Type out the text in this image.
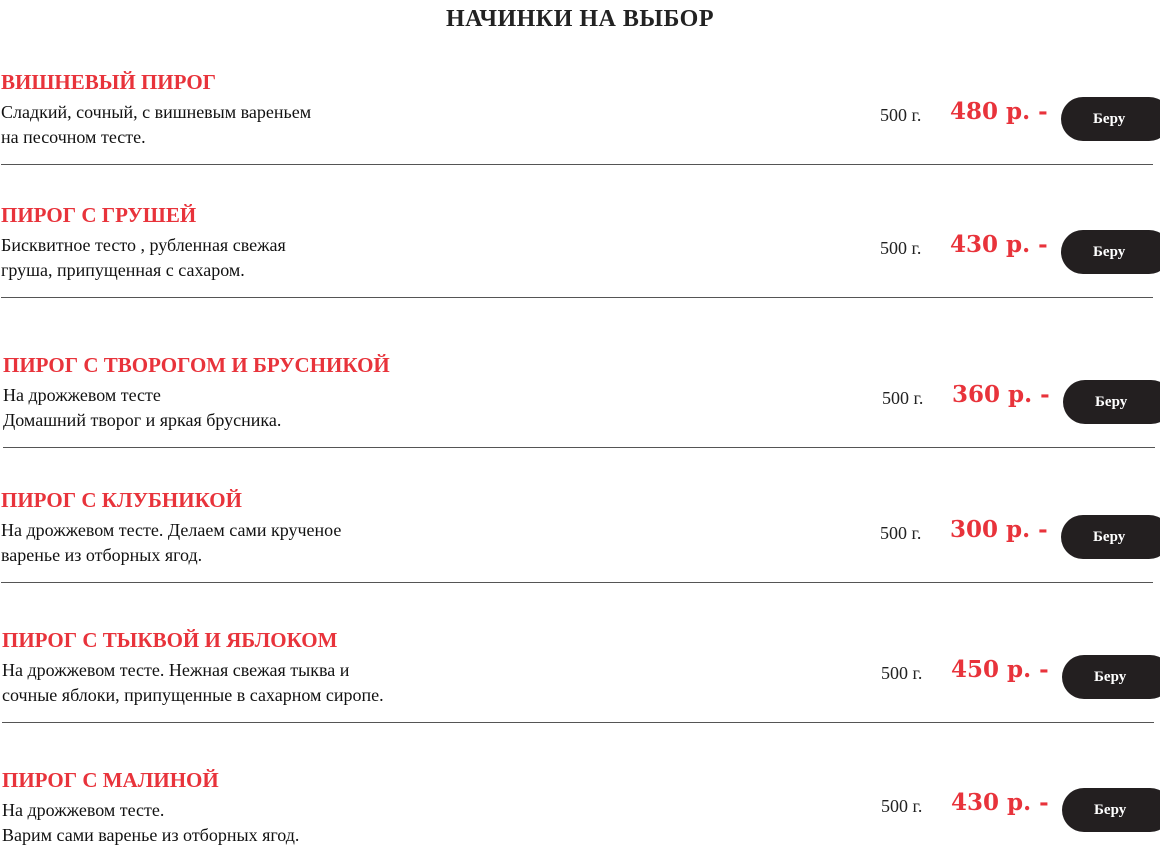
НАЧИНКИ НА ВЫБОР
ВИШНЕВЫЙ ПИРОГ
Сладкий, сочный, с вишневым вареньем
на песочном тесте.
500 г. 480 р. -	Беру
ПИРОГ С ГРУШЕЙ
Бисквитное тесто , рубленная свежая
груша, припущенная с сахаром.
500 г. 430 р. -	Беру
ПИРОГ С ТВОРОГОМ И БРУСНИКОЙ
На дрожжевом тесте
Домашний творог и яркая брусника.
500 г. 360 р. -	Беру
ПИРОГ С КЛУБНИКОЙ
На дрожжевом тесте. Делаем сами крученое
варенье из отборных ягод.
500 г. 300 р. -	Беру
ПИРОГ С ТЫКВОЙ И ЯБЛОКОМ
На дрожжевом тесте. Нежная свежая тыква и
сочные яблоки, припущенные в сахарном сиропе.
500 г. 450 р. -	Беру
ПИРОГ С МАЛИНОЙ
На дрожжевом тесте.
Варим сами варенье из отборных ягод.
500 г. 430 р. -	Беру
